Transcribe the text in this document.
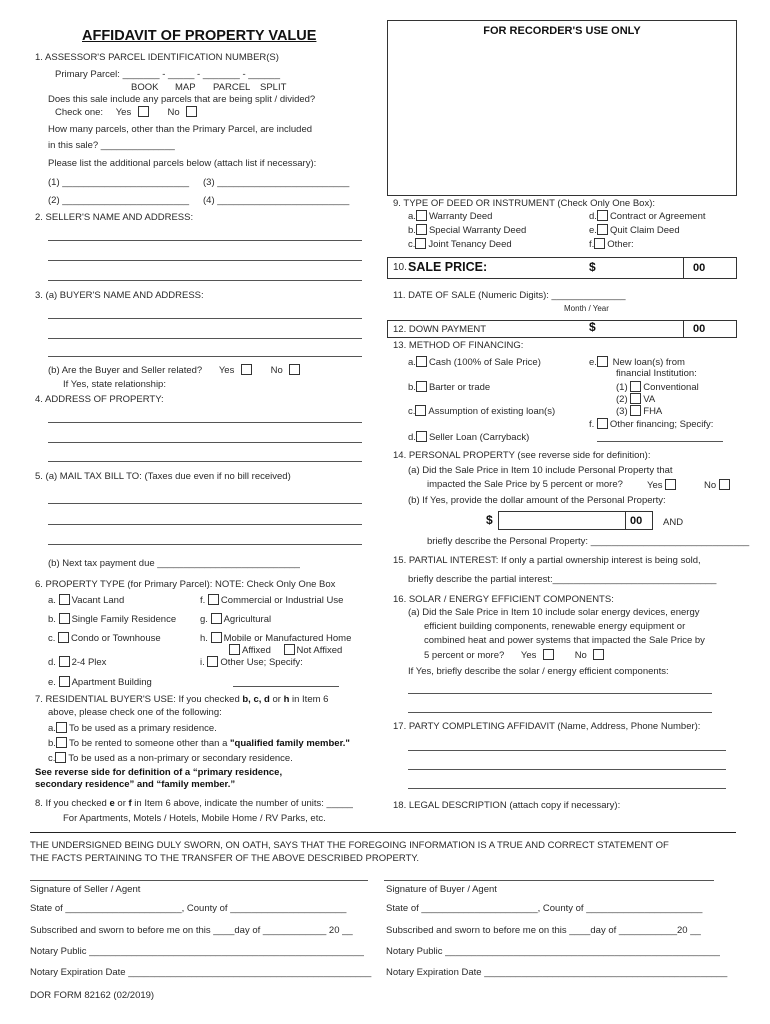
AFFIDAVIT OF PROPERTY VALUE	FOR RECORDER'S USE ONLY
1. ASSESSOR'S PARCEL IDENTIFICATION NUMBER(S)
Primary Parcel: _______ - _____ - _______ - ______
BOOK MAP PARCEL SPLIT
Does this sale include any parcels that are being split / divided?
Check one: Yes	No
How many parcels, other than the Primary Parcel, are included
in this sale? ______________
Please list the additional parcels below (attach list if necessary):
(1) ________________________ (3) _________________________
(2) ________________________ (4) _________________________
2. SELLER'S NAME AND ADDRESS:
3. (a) BUYER'S NAME AND ADDRESS:
(b) Are the Buyer and Seller related? Yes	No
If Yes, state relationship:
4. ADDRESS OF PROPERTY:
5. (a) MAIL TAX BILL TO: (Taxes due even if no bill received)
(b) Next tax payment due ___________________________
6. PROPERTY TYPE (for Primary Parcel): NOTE: Check Only One Box
a. Vacant Land
b. Single Family Residence
c. Condo or Townhouse
d. 2-4 Plex
e. Apartment Building
f. Commercial or Industrial Use
g. Agricultural
h. Mobile or Manufactured Home
Affixed	Not Affixed
i. Other Use; Specify:
7. RESIDENTIAL BUYER'S USE: If you checked b, c, d or h in Item 6
above, please check one of the following:
a. To be used as a primary residence.
b. To be rented to someone other than a "qualified family member."
c. To be used as a non-primary or secondary residence.
See reverse side for definition of a “primary residence,
secondary residence” and “family member.”
8. If you checked e or f in Item 6 above, indicate the number of units: _____
For Apartments, Motels / Hotels, Mobile Home / RV Parks, etc.
9. TYPE OF DEED OR INSTRUMENT (Check Only One Box):
a. Warranty Deed
b. Special Warranty Deed
c. Joint Tenancy Deed
d. Contract or Agreement
e. Quit Claim Deed
f. Other:
10. SALE PRICE:	$	00
11. DATE OF SALE (Numeric Digits): ______________
Month / Year
12. DOWN PAYMENT	$	00
13. METHOD OF FINANCING:
a. Cash (100% of Sale Price)
b. Barter or trade
c. Assumption of existing loan(s)
d. Seller Loan (Carryback)
e. New loan(s) from
financial Institution:
(1) Conventional
(2) VA
(3) FHA
f. Other financing; Specify:
14. PERSONAL PROPERTY (see reverse side for definition):
(a) Did the Sale Price in Item 10 include Personal Property that
impacted the Sale Price by 5 percent or more?	Yes	No
(b) If Yes, provide the dollar amount of the Personal Property:
$	00 AND
briefly describe the Personal Property: ______________________________
15. PARTIAL INTEREST: If only a partial ownership interest is being sold,
briefly describe the partial interest:_______________________________
16. SOLAR / ENERGY EFFICIENT COMPONENTS:
(a) Did the Sale Price in Item 10 include solar energy devices, energy
efficient building components, renewable energy equipment or
combined heat and power systems that impacted the Sale Price by
5 percent or more? Yes	No
If Yes, briefly describe the solar / energy efficient components:
17. PARTY COMPLETING AFFIDAVIT (Name, Address, Phone Number):
18. LEGAL DESCRIPTION (attach copy if necessary):
THE UNDERSIGNED BEING DULY SWORN, ON OATH, SAYS THAT THE FOREGOING INFORMATION IS A TRUE AND CORRECT STATEMENT OF
THE FACTS PERTAINING TO THE TRANSFER OF THE ABOVE DESCRIBED PROPERTY.
Signature of Seller / Agent	Signature of Buyer / Agent
State of ______________________, County of ______________________	State of ______________________, County of ______________________
Subscribed and sworn to before me on this ____day of ____________ 20 __	Subscribed and sworn to before me on this ____day of ___________20 __
Notary Public ____________________________________________________ Notary Public ____________________________________________________
Notary Expiration Date ______________________________________________ Notary Expiration Date ______________________________________________
DOR FORM 82162 (02/2019)
